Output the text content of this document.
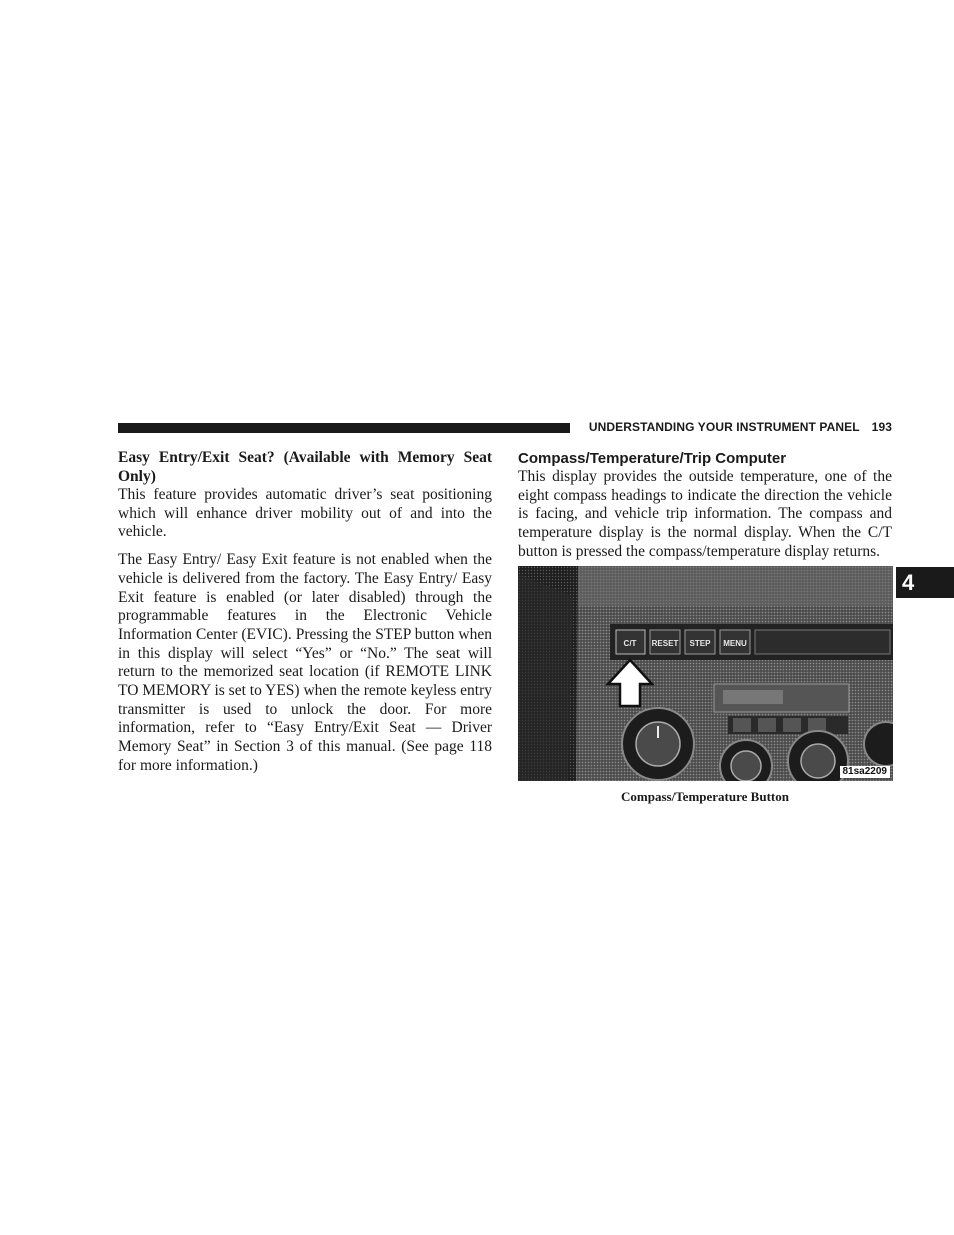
UNDERSTANDING YOUR INSTRUMENT PANEL 193
4
Easy Entry/Exit Seat? (Available with Memory Seat Only)

This feature provides automatic driver’s seat positioning which will enhance driver mobility out of and into the vehicle.

The Easy Entry/ Easy Exit feature is not enabled when the vehicle is delivered from the factory. The Easy Entry/ Easy Exit feature is enabled (or later disabled) through the programmable features in the Electronic Vehicle Information Center (EVIC). Pressing the STEP button when in this display will select “Yes” or “No.” The seat will return to the memorized seat location (if REMOTE LINK TO MEMORY is set to YES) when the remote keyless entry transmitter is used to unlock the door. For more information, refer to “Easy Entry/Exit Seat — Driver Memory Seat” in Section 3 of this manual. (See page 118 for more information.)

Compass/Temperature/Trip Computer

This display provides the outside temperature, one of the eight compass headings to indicate the direction the vehicle is facing, and vehicle trip information. The compass and temperature display is the normal display. When the C/T button is pressed the compass/temperature display returns.

C/T RESET STEP MENU
81sa2209
Compass/Temperature Button
